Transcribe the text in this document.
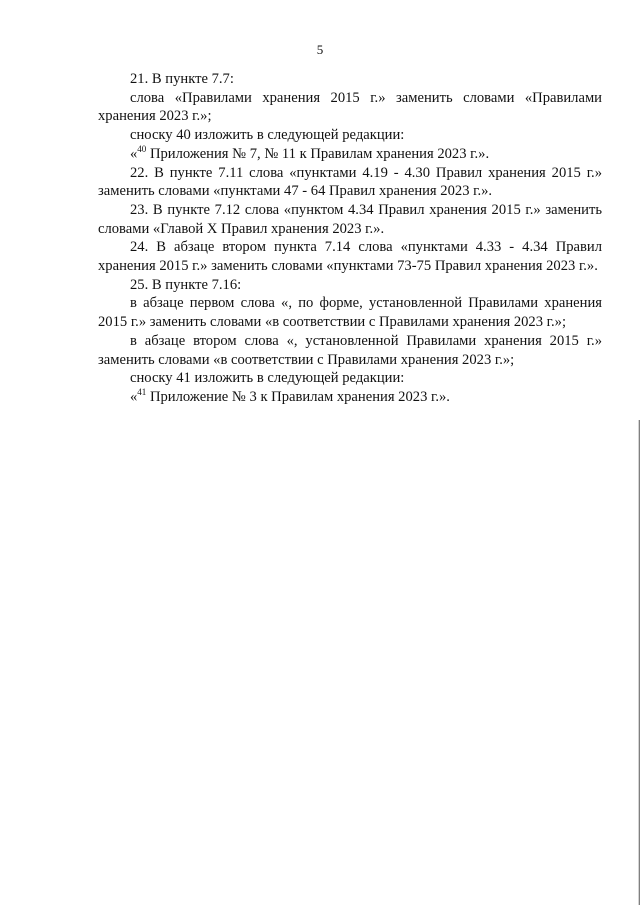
5

21. В пункте 7.7:

слова «Правилами хранения 2015 г.» заменить словами «Правилами хранения 2023 г.»;

сноску 40 изложить в следующей редакции:

«$^{40}$ Приложения № 7, № 11 к Правилам хранения 2023 г.».

22. В пункте 7.11 слова «пунктами 4.19 - 4.30 Правил хранения 2015 г.» заменить словами «пунктами 47 - 64 Правил хранения 2023 г.».

23. В пункте 7.12 слова «пунктом 4.34 Правил хранения 2015 г.» заменить словами «Главой X Правил хранения 2023 г.».

24. В абзаце втором пункта 7.14 слова «пунктами 4.33 - 4.34 Правил хранения 2015 г.» заменить словами «пунктами 73-75 Правил хранения 2023 г.».

25. В пункте 7.16:

в абзаце первом слова «, по форме, установленной Правилами хранения 2015 г.» заменить словами «в соответствии с Правилами хранения 2023 г.»;

в абзаце втором слова «, установленной Правилами хранения 2015 г.» заменить словами «в соответствии с Правилами хранения 2023 г.»;

сноску 41 изложить в следующей редакции:

«$^{41}$ Приложение № 3 к Правилам хранения 2023 г.».
